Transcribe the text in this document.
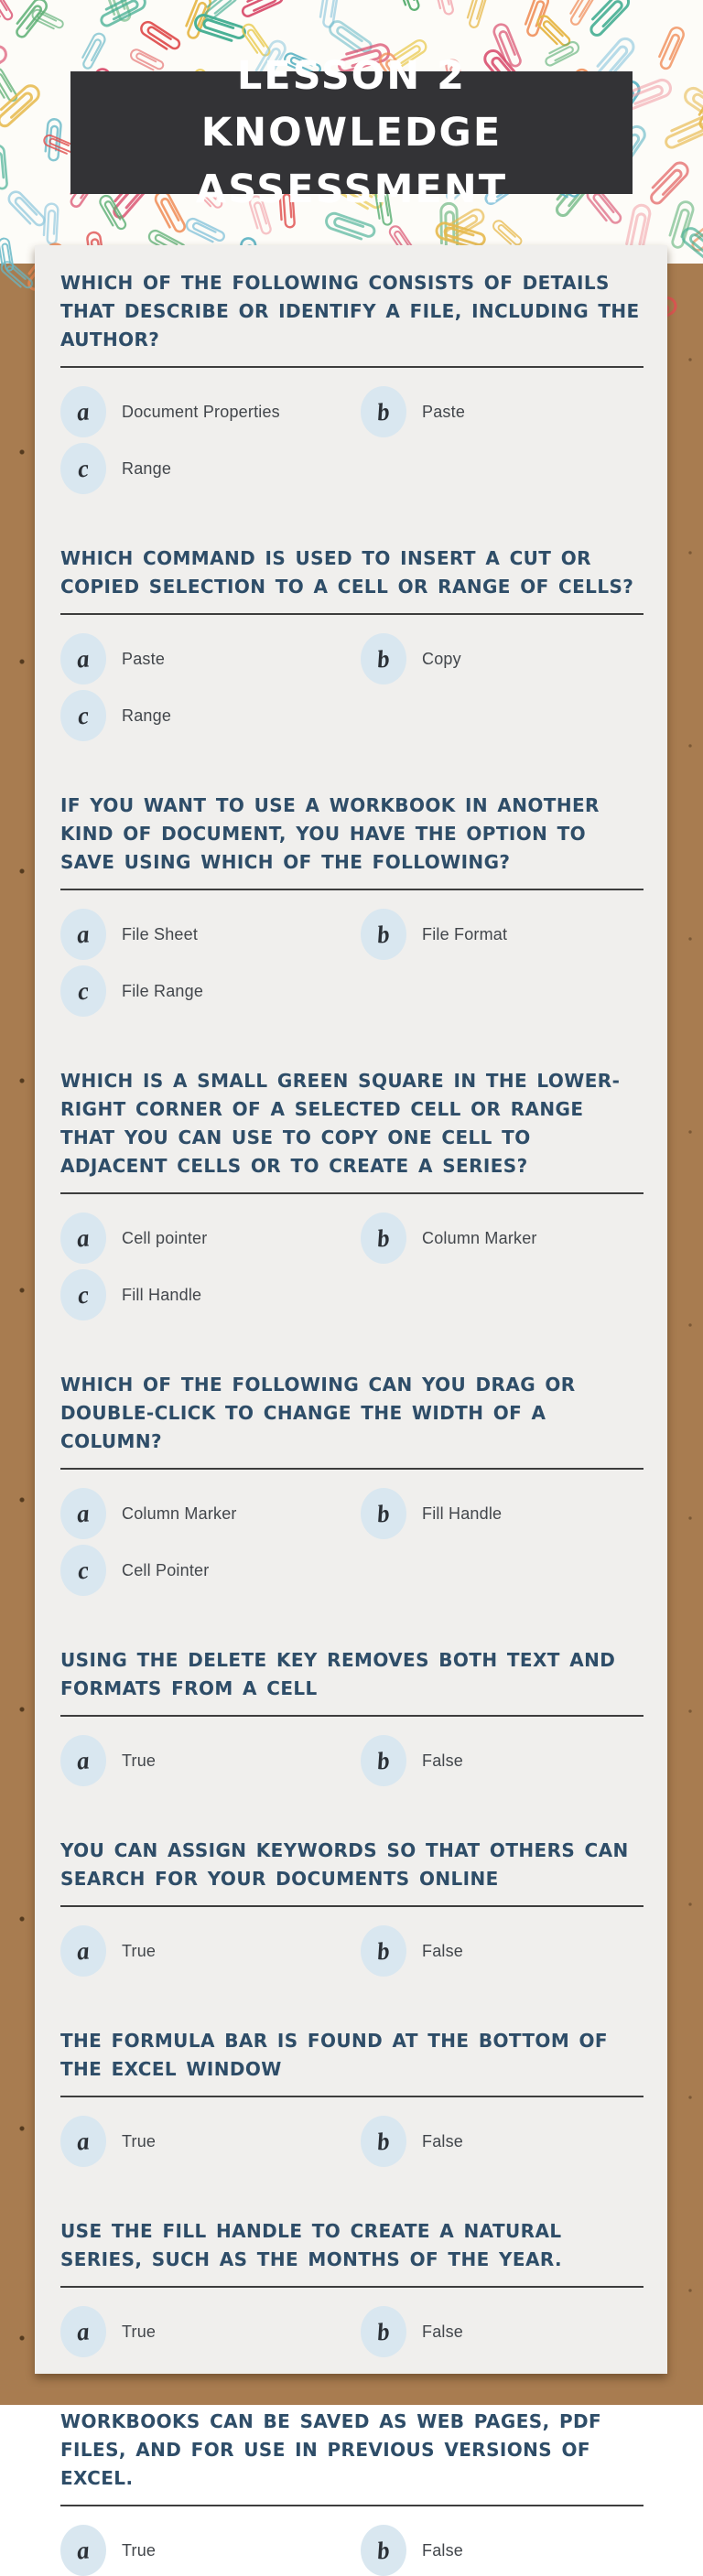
LESSON 2 KNOWLEDGE ASSESSMENT
WHICH OF THE FOLLOWING CONSISTS OF DETAILS THAT DESCRIBE OR IDENTIFY A FILE, INCLUDING THE AUTHOR?
a Document Properties	b Paste
c Range
WHICH COMMAND IS USED TO INSERT A CUT OR COPIED SELECTION TO A CELL OR RANGE OF CELLS?
a Paste	b Copy
c Range
IF YOU WANT TO USE A WORKBOOK IN ANOTHER KIND OF DOCUMENT, YOU HAVE THE OPTION TO SAVE USING WHICH OF THE FOLLOWING?
a File Sheet	b File Format
c File Range
WHICH IS A SMALL GREEN SQUARE IN THE LOWER-RIGHT CORNER OF A SELECTED CELL OR RANGE THAT YOU CAN USE TO COPY ONE CELL TO ADJACENT CELLS OR TO CREATE A SERIES?
a Cell pointer	b Column Marker
c Fill Handle
WHICH OF THE FOLLOWING CAN YOU DRAG OR DOUBLE-CLICK TO CHANGE THE WIDTH OF A COLUMN?
a Column Marker	b Fill Handle
c Cell Pointer
USING THE DELETE KEY REMOVES BOTH TEXT AND FORMATS FROM A CELL
a True	b False
YOU CAN ASSIGN KEYWORDS SO THAT OTHERS CAN SEARCH FOR YOUR DOCUMENTS ONLINE
a True	b False
THE FORMULA BAR IS FOUND AT THE BOTTOM OF THE EXCEL WINDOW
a True	b False
USE THE FILL HANDLE TO CREATE A NATURAL SERIES, SUCH AS THE MONTHS OF THE YEAR.
a True	b False
WORKBOOKS CAN BE SAVED AS WEB PAGES, PDF FILES, AND FOR USE IN PREVIOUS VERSIONS OF EXCEL.
a True	b False
